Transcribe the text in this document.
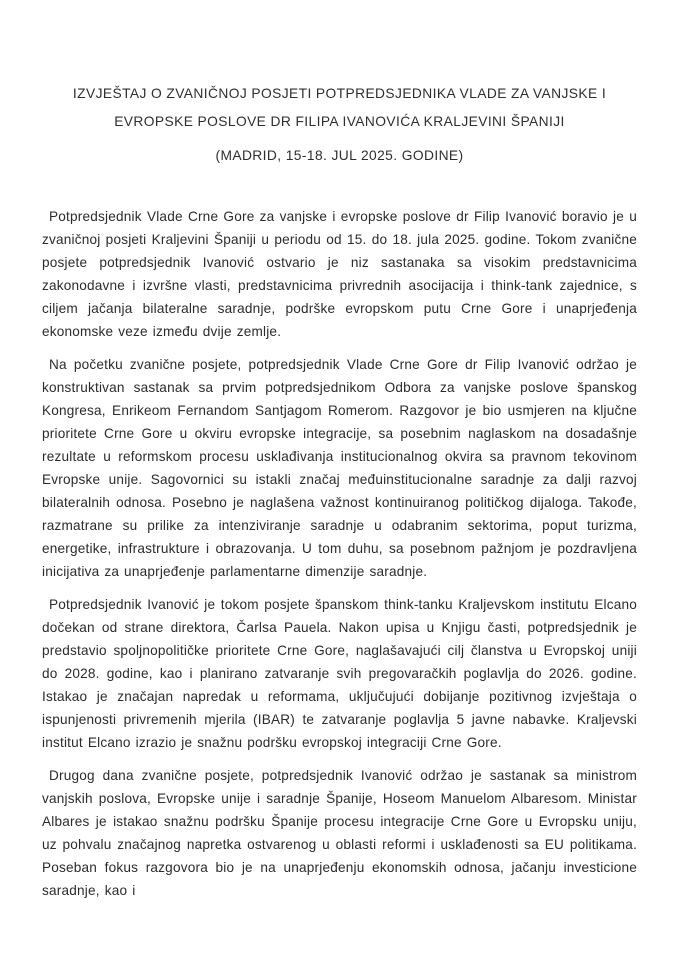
IZVJEŠTAJ O ZVANIČNOJ POSJETI POTPREDSJEDNIKA VLADE ZA VANJSKE I EVROPSKE POSLOVE DR FILIPA IVANOVIĆA KRALJEVINI ŠPANIJI
(MADRID, 15-18. JUL 2025. GODINE)

Potpredsjednik Vlade Crne Gore za vanjske i evropske poslove dr Filip Ivanović boravio je u zvaničnoj posjeti Kraljevini Španiji u periodu od 15. do 18. jula 2025. godine. Tokom zvanične posjete potpredsjednik Ivanović ostvario je niz sastanaka sa visokim predstavnicima zakonodavne i izvršne vlasti, predstavnicima privrednih asocijacija i think-tank zajednice, s ciljem jačanja bilateralne saradnje, podrške evropskom putu Crne Gore i unaprjeđenja ekonomske veze između dvije zemlje.

Na početku zvanične posjete, potpredsjednik Vlade Crne Gore dr Filip Ivanović održao je konstruktivan sastanak sa prvim potpredsjednikom Odbora za vanjske poslove španskog Kongresa, Enrikeom Fernandom Santjagom Romerom. Razgovor je bio usmjeren na ključne prioritete Crne Gore u okviru evropske integracije, sa posebnim naglaskom na dosadašnje rezultate u reformskom procesu usklađivanja institucionalnog okvira sa pravnom tekovinom Evropske unije. Sagovornici su istakli značaj međuinstitucionalne saradnje za dalji razvoj bilateralnih odnosa. Posebno je naglašena važnost kontinuiranog političkog dijaloga. Takođe, razmatrane su prilike za intenziviranje saradnje u odabranim sektorima, poput turizma, energetike, infrastrukture i obrazovanja. U tom duhu, sa posebnom pažnjom je pozdravljena inicijativa za unaprjeđenje parlamentarne dimenzije saradnje.

Potpredsjednik Ivanović je tokom posjete španskom think-tanku Kraljevskom institutu Elcano dočekan od strane direktora, Čarlsa Pauela. Nakon upisa u Knjigu časti, potpredsjednik je predstavio spoljnopolitičke prioritete Crne Gore, naglašavajući cilj članstva u Evropskoj uniji do 2028. godine, kao i planirano zatvaranje svih pregovaračkih poglavlja do 2026. godine. Istakao je značajan napredak u reformama, uključujući dobijanje pozitivnog izvještaja o ispunjenosti privremenih mjerila (IBAR) te zatvaranje poglavlja 5 javne nabavke. Kraljevski institut Elcano izrazio je snažnu podršku evropskoj integraciji Crne Gore.

Drugog dana zvanične posjete, potpredsjednik Ivanović održao je sastanak sa ministrom vanjskih poslova, Evropske unije i saradnje Španije, Hoseom Manuelom Albaresom. Ministar Albares je istakao snažnu podršku Španije procesu integracije Crne Gore u Evropsku uniju, uz pohvalu značajnog napretka ostvarenog u oblasti reformi i usklađenosti sa EU politikama. Poseban fokus razgovora bio je na unaprjeđenju ekonomskih odnosa, jačanju investicione saradnje, kao i
